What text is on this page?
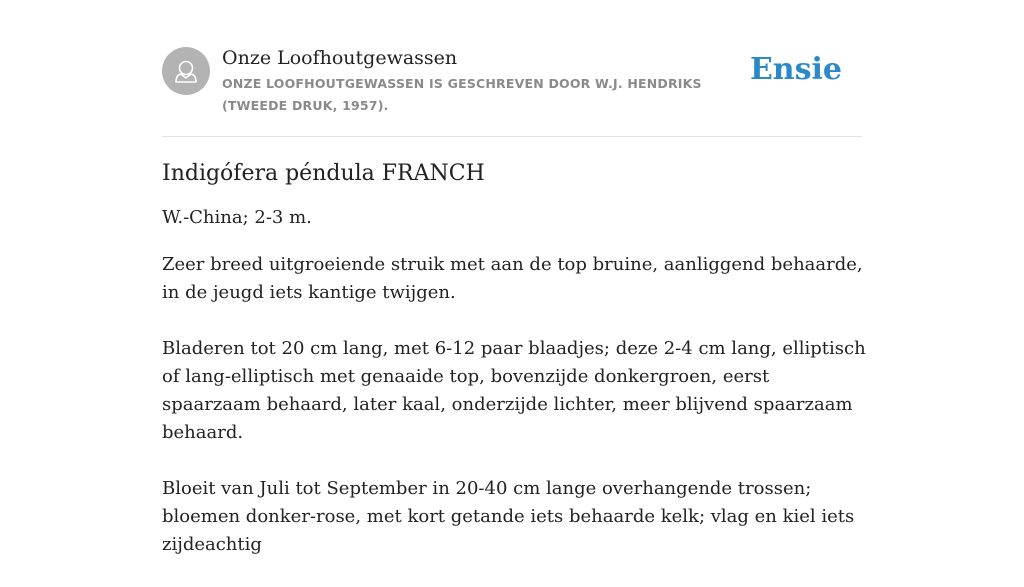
Onze Loofhoutgewassen
ONZE LOOFHOUTGEWASSEN IS GESCHREVEN DOOR W.J. HENDRIKS (TWEEDE DRUK, 1957).
Ensie
Indigófera péndula FRANCH
W.-China; 2-3 m.

Zeer breed uitgroeiende struik met aan de top bruine, aanliggend behaarde, in de jeugd iets kantige twijgen.

Bladeren tot 20 cm lang, met 6-12 paar blaadjes; deze 2-4 cm lang, elliptisch of lang-elliptisch met genaaide top, bovenzijde donkergroen, eerst spaarzaam behaard, later kaal, onderzijde lichter, meer blijvend spaarzaam behaard.

Bloeit van Juli tot September in 20-40 cm lange overhangende trossen; bloemen donker-rose, met kort getande iets behaarde kelk; vlag en kiel iets zijdeachtig
